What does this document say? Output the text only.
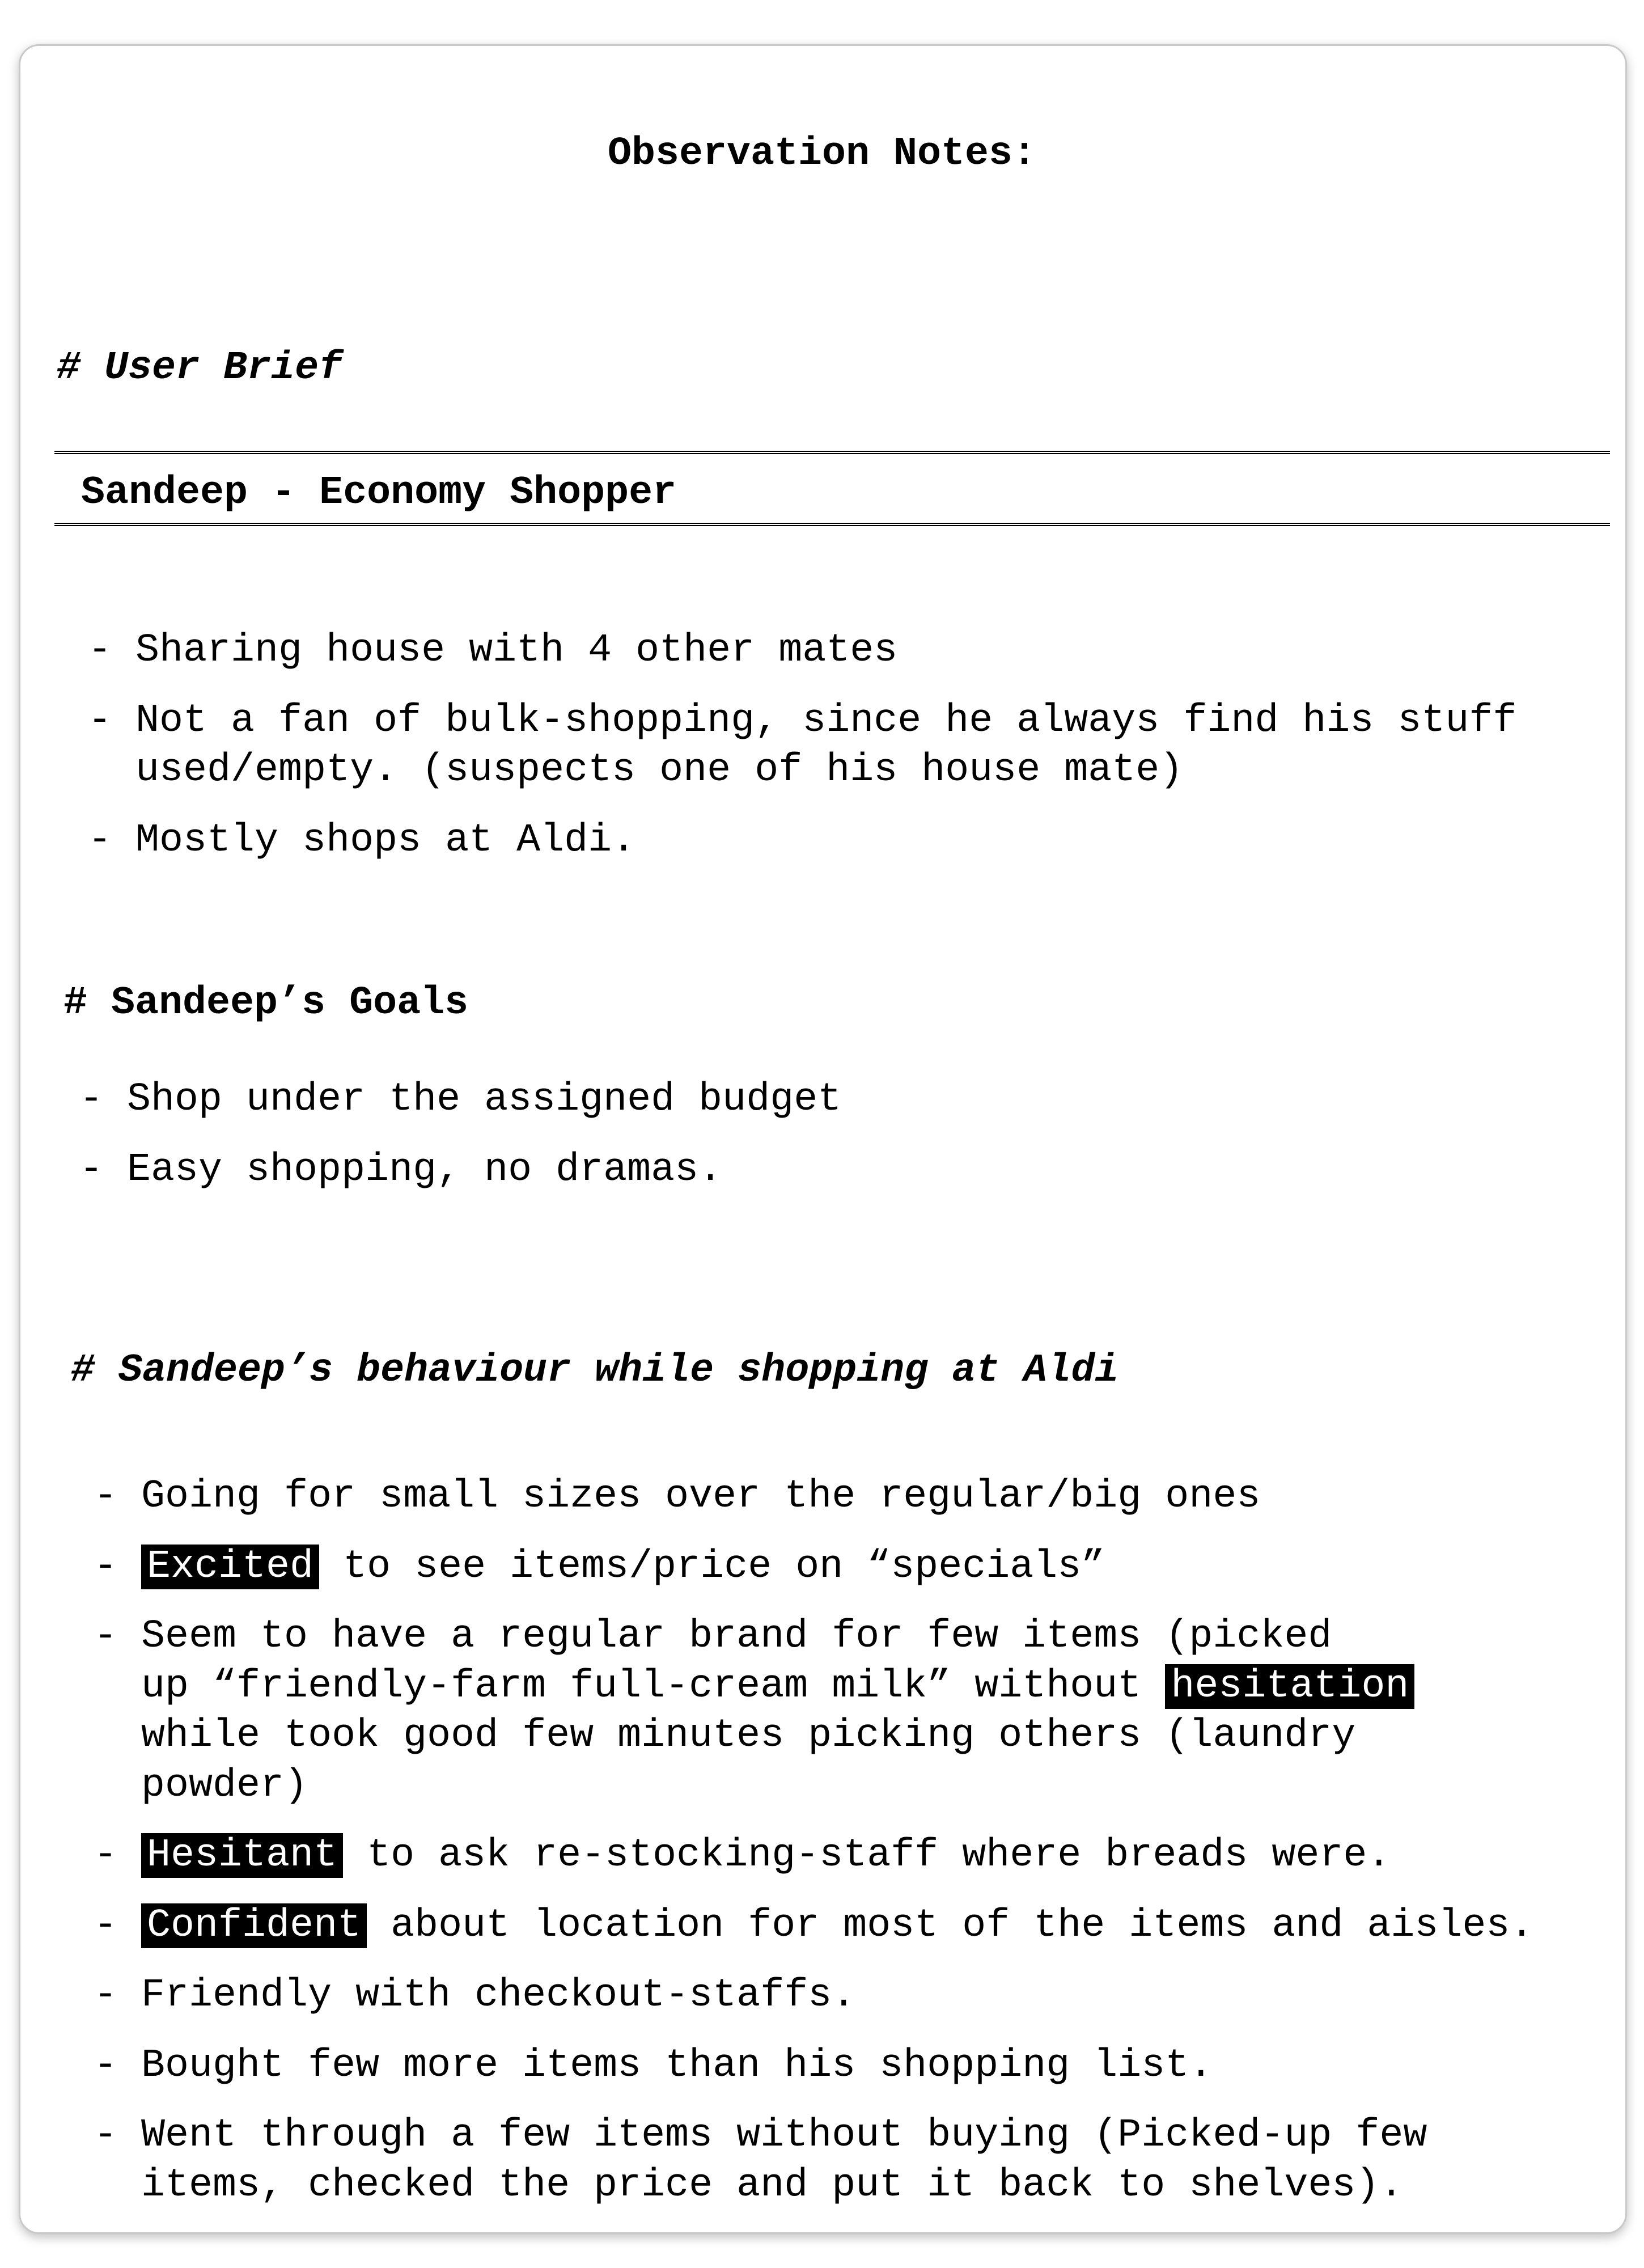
Observation Notes:
# User Brief
Sandeep - Economy Shopper

- Sharing house with 4 other mates

- Not a fan of bulk-shopping, since he always find his stuff
used/empty. (suspects one of his house mate)

- Mostly shops at Aldi.

# Sandeep’s Goals

- Shop under the assigned budget

- Easy shopping, no dramas.

# Sandeep’s behaviour while shopping at Aldi

- Going for small sizes over the regular/big ones

- Excited to see items/price on “specials”

- Seem to have a regular brand for few items (picked
up “friendly-farm full-cream milk” without hesitation
while took good few minutes picking others (laundry
powder)

- Hesitant to ask re-stocking-staff where breads were.

- Confident about location for most of the items and aisles.

- Friendly with checkout-staffs.

- Bought few more items than his shopping list.

- Went through a few items without buying (Picked-up few
items, checked the price and put it back to shelves).
